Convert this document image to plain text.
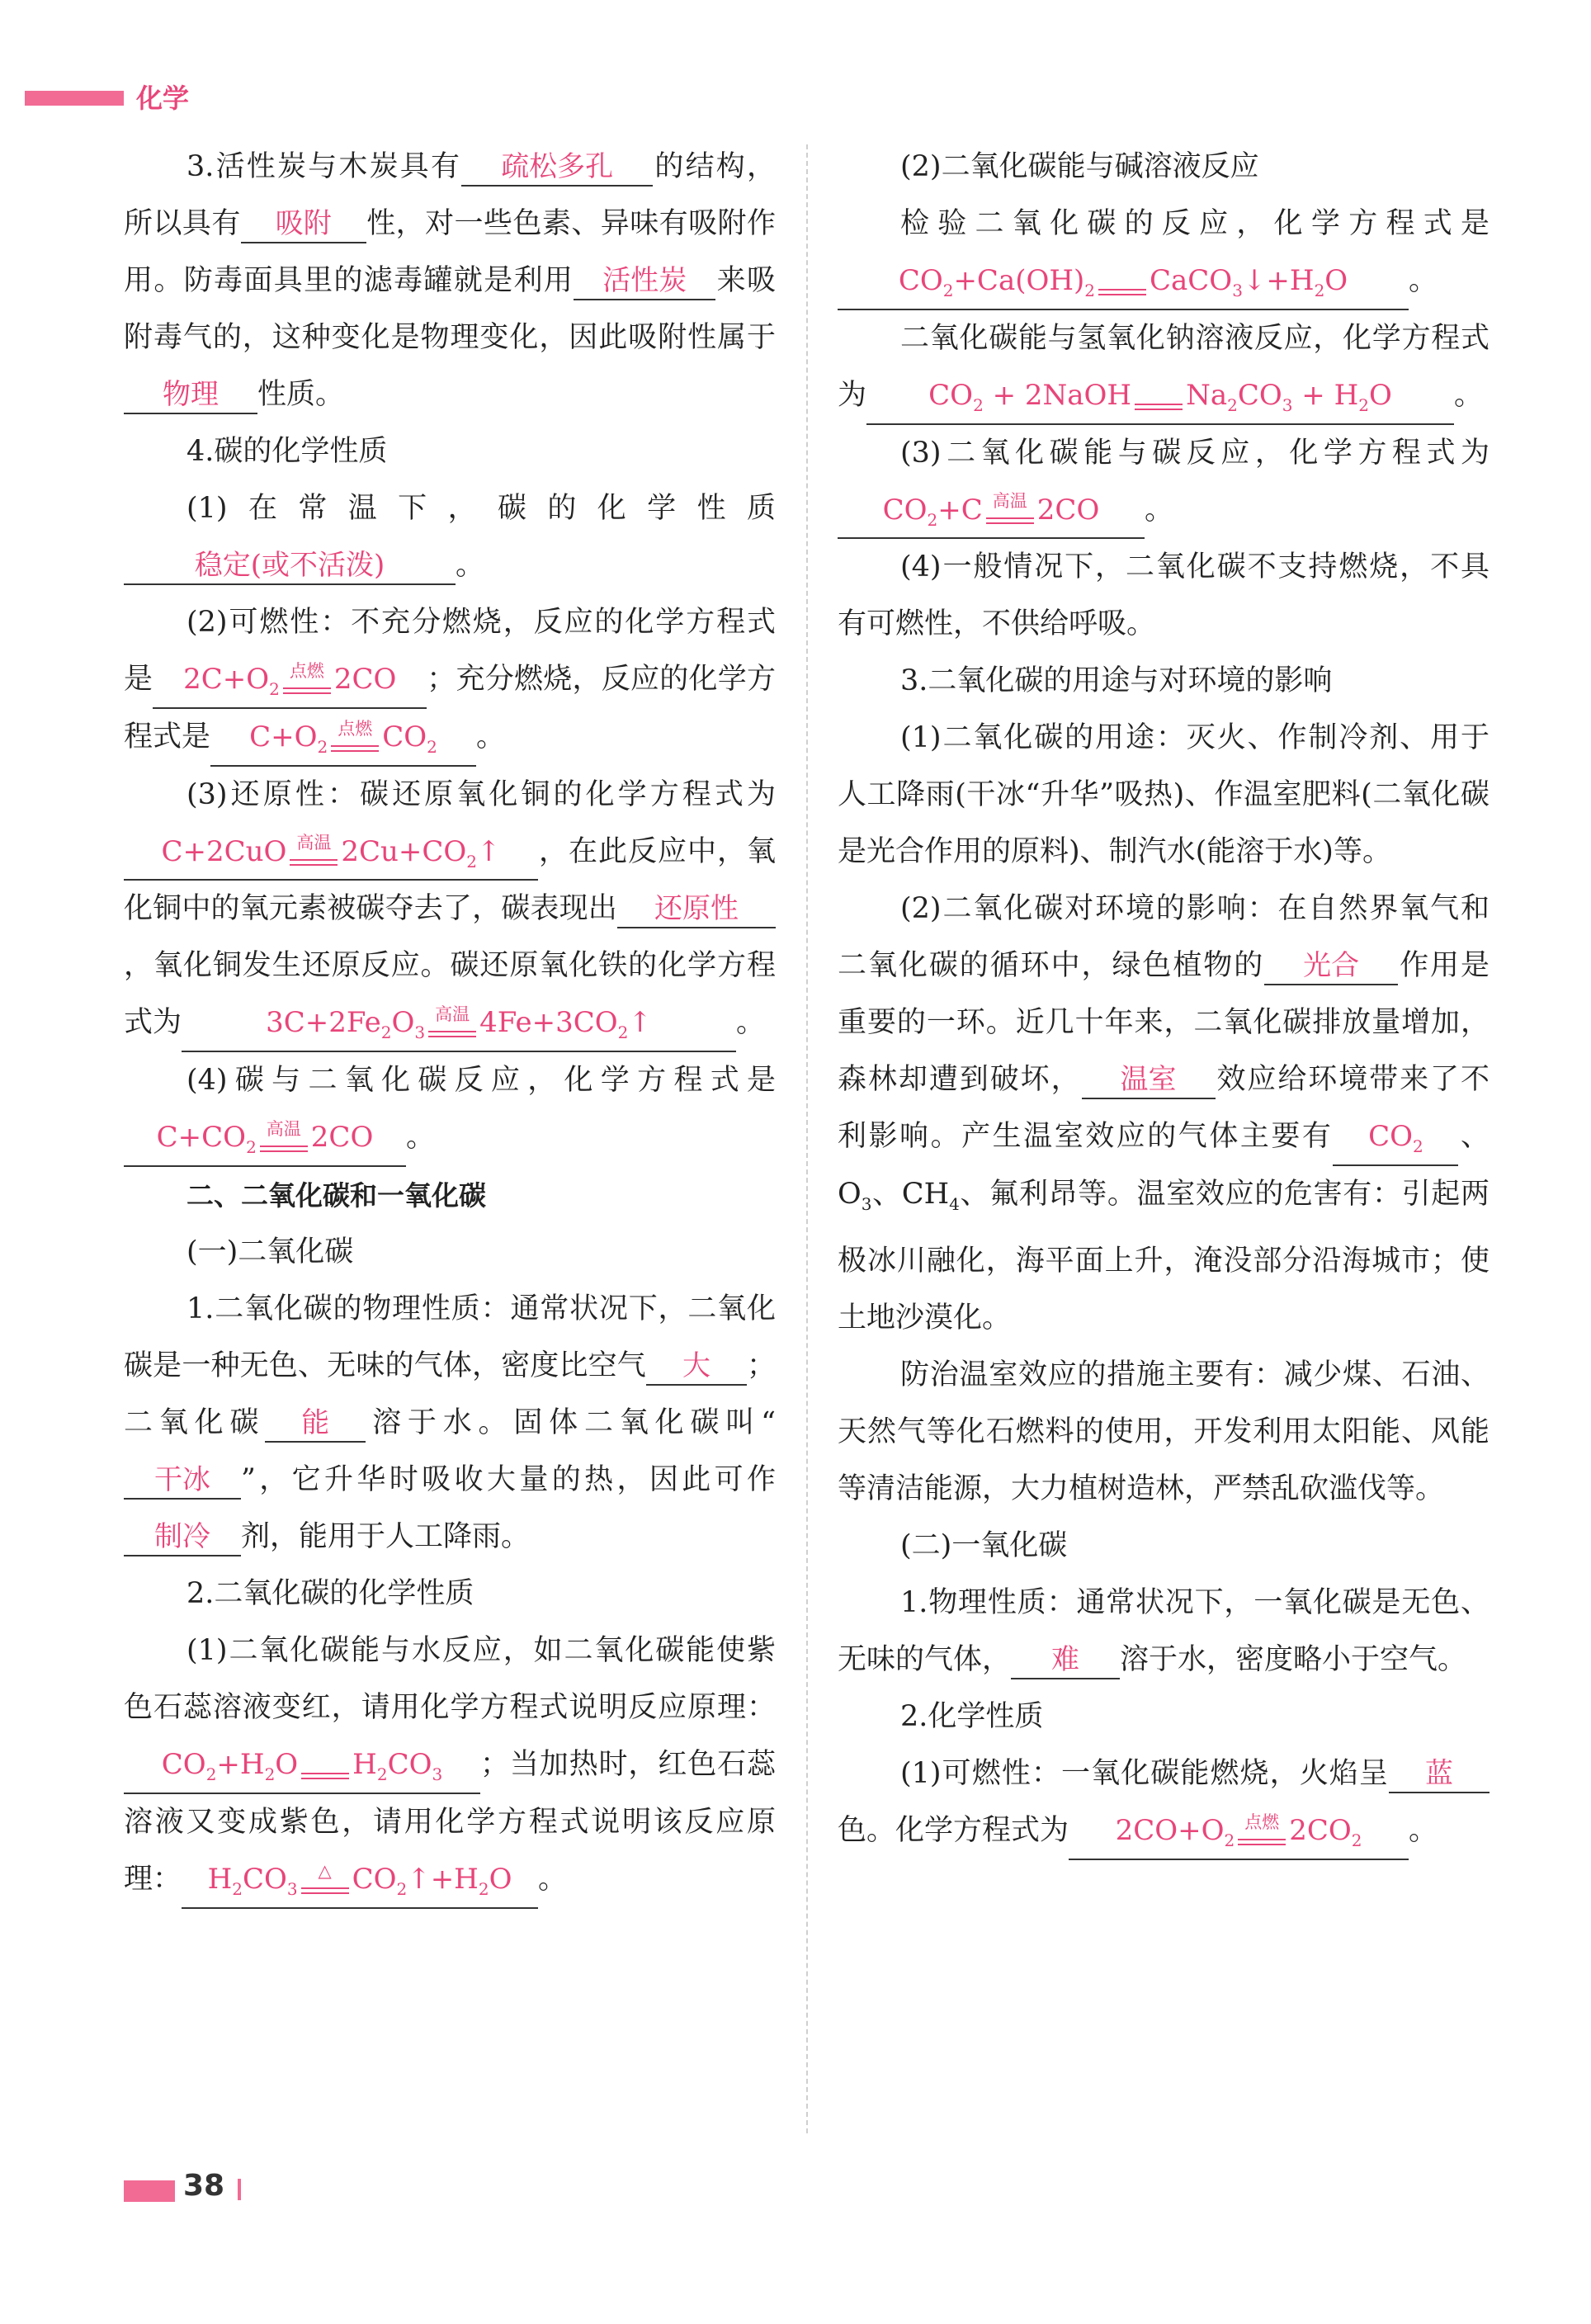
化学

3.活性炭与木炭具有 疏松多孔 的结构，所以具有 吸附 性，对一些色素、异味有吸附作用。防毒面具里的滤毒罐就是利用 活性炭 来吸附毒气的，这种变化是物理变化，因此吸附性属于物理 性质。

4.碳的化学性质

(1)在常温下，碳的化学性质稳定(或不活泼) 。

(2)可燃性：不充分燃烧，反应的化学方程式是 $2C+O_2$
点燃 2CO ；充分燃烧，反应的化学方程式是 $C+O_2$
点燃 $CO_2$ 。

(3)还原性：碳还原氧化铜的化学方程式为C+2CuO 高温 $2Cu+CO_2↑$ ，在此反应中，氧化铜中的氧元素被碳夺去了，碳表现出 还原性，氧化铜发生还原反应。碳还原氧化铁的化学方程式为	$3C+2Fe_2O_3$
高温 $4Fe+3CO_2↑$	。

(4)碳与二氧化碳反应，化学方程式是$C+CO_2$
高温 2CO 。

二、二氧化碳和一氧化碳

(一)二氧化碳

1.二氧化碳的物理性质：通常状况下，二氧化碳是一种无色、无味的气体，密度比空气 大 ；二氧化碳 能 溶于水。固体二氧化碳叫“干冰 ”，它升华时吸收大量的热，因此可作制冷 剂，能用于人工降雨。

2.二氧化碳的化学性质

(1)二氧化碳能与水反应，如二氧化碳能使紫色石蕊溶液变红，请用化学方程式说明反应原理：$CO_2+H_2O$ $H_2CO_3$ ；当加热时，红色石蕊溶液又变成紫色，请用化学方程式说明该反应原理： $H_2CO_3$
△ $CO_2↑+H_2O$ 。

(2)二氧化碳能与碱溶液反应

检验二氧化碳的反应，化学方程式是$CO_2+Ca(OH)_2$ $CaCO_3↓+H_2O$ 。

二氧化碳能与氢氧化钠溶液反应，化学方程式为 $CO_2$ + 2NaOH $Na_2CO_3 + H_2O$ 。

(3)二氧化碳能与碳反应，化学方程式为$CO_2+C$ 高温 2CO 。

(4)一般情况下，二氧化碳不支持燃烧，不具有可燃性，不供给呼吸。

3.二氧化碳的用途与对环境的影响

(1)二氧化碳的用途：灭火、作制冷剂、用于人工降雨(干冰“升华”吸热)、作温室肥料(二氧化碳是光合作用的原料)、制汽水(能溶于水)等。

(2)二氧化碳对环境的影响：在自然界氧气和二氧化碳的循环中，绿色植物的 光合 作用是重要的一环。近几十年来，二氧化碳排放量增加，森林却遭到破坏， 温室 效应给环境带来了不利影响。产生温室效应的气体主要有 $CO_2$ 、$O_3$、$CH_4$、氟利昂等。温室效应的危害有：引起两极冰川融化，海平面上升，淹没部分沿海城市；使土地沙漠化。

防治温室效应的措施主要有：减少煤、石油、天然气等化石燃料的使用，开发利用太阳能、风能等清洁能源，大力植树造林，严禁乱砍滥伐等。

(二)一氧化碳

1.物理性质：通常状况下，一氧化碳是无色、无味的气体， 难 溶于水，密度略小于空气。

2.化学性质

(1)可燃性：一氧化碳能燃烧，火焰呈 蓝色。化学方程式为 $2CO+O_2$
点燃 $2CO_2$ 。

38
